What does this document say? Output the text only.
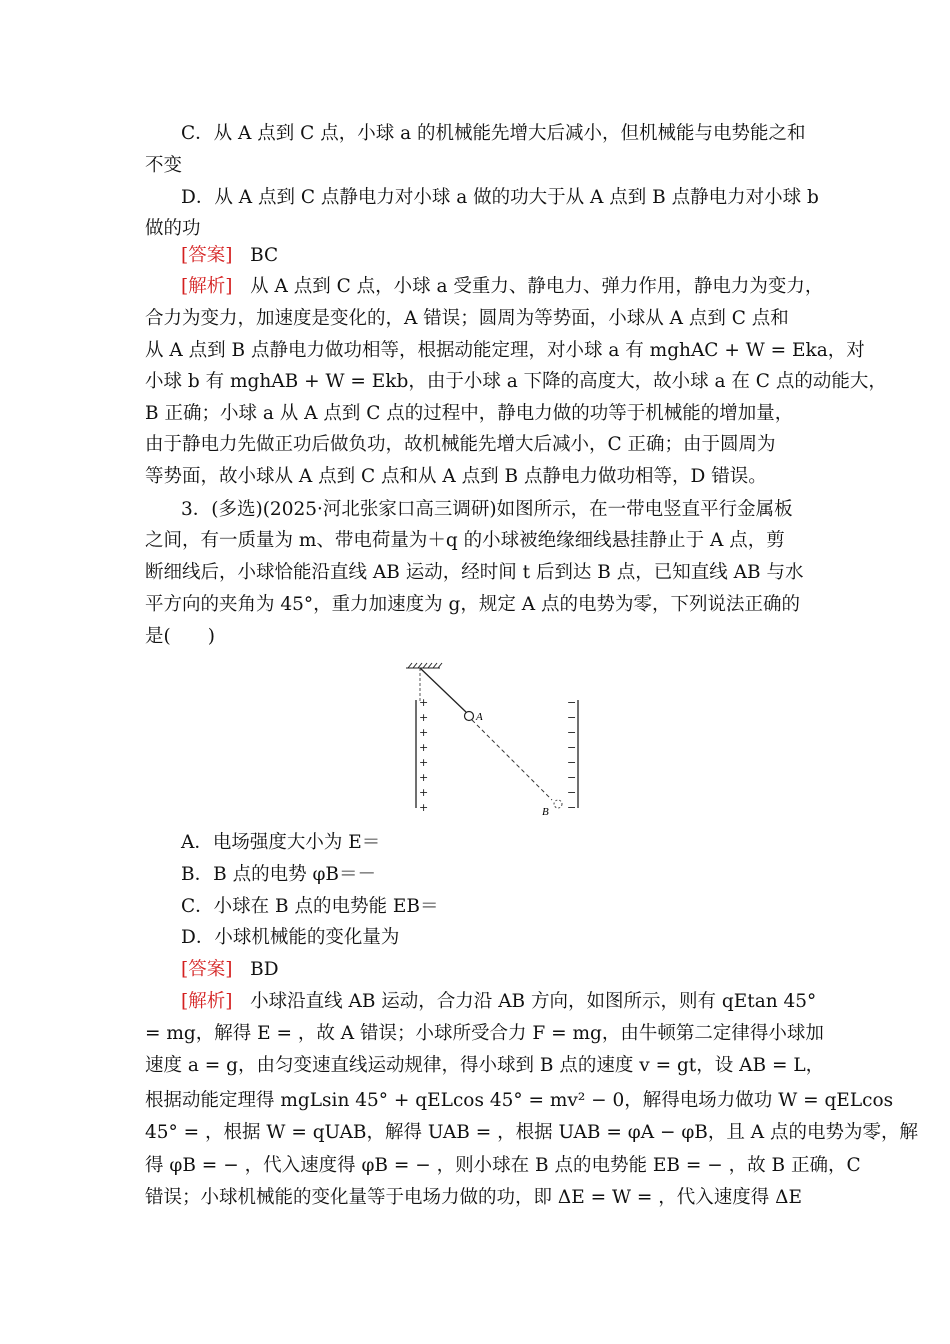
C．从 A 点到 C 点，小球 a 的机械能先增大后减小，但机械能与电势能之和
不变
D．从 A 点到 C 点静电力对小球 a 做的功大于从 A 点到 B 点静电力对小球 b
做的功
[答案] BC
[解析] 从 A 点到 C 点，小球 a 受重力、静电力、弹力作用，静电力为变力，
合力为变力，加速度是变化的，A 错误；圆周为等势面，小球从 A 点到 C 点和
从 A 点到 B 点静电力做功相等，根据动能定理，对小球 a 有 mghAC + W = Eka，对
小球 b 有 mghAB + W = Ekb，由于小球 a 下降的高度大，故小球 a 在 C 点的动能大，
B 正确；小球 a 从 A 点到 C 点的过程中，静电力做的功等于机械能的增加量，
由于静电力先做正功后做负功，故机械能先增大后减小，C 正确；由于圆周为
等势面，故小球从 A 点到 C 点和从 A 点到 B 点静电力做功相等，D 错误。
3．(多选)(2025·河北张家口高三调研)如图所示，在一带电竖直平行金属板
之间，有一质量为 m、带电荷量为＋q 的小球被绝缘细线悬挂静止于 A 点，剪
断细线后，小球恰能沿直线 AB 运动，经时间 t 后到达 B 点，已知直线 AB 与水
平方向的夹角为 45°，重力加速度为 g，规定 A 点的电势为零，下列说法正确的
是(　　)
A
B
+
+
+
+
+
+
+
+
−
−
−
−
−
−
−
−
A．电场强度大小为 E＝
B．B 点的电势 φB＝－
C．小球在 B 点的电势能 EB＝
D．小球机械能的变化量为
[答案] BD
[解析] 小球沿直线 AB 运动，合力沿 AB 方向，如图所示，则有 qEtan 45°
= mg，解得 E = ，故 A 错误；小球所受合力 F = mg，由牛顿第二定律得小球加
速度 a = g，由匀变速直线运动规律，得小球到 B 点的速度 v = gt，设 AB = L，
根据动能定理得 mgLsin 45° + qELcos 45° = mv² − 0，解得电场力做功 W = qELcos
45° = ，根据 W = qUAB，解得 UAB = ，根据 UAB = φA − φB，且 A 点的电势为零，解
得 φB = − ，代入速度得 φB = − ，则小球在 B 点的电势能 EB = − ，故 B 正确，C
错误；小球机械能的变化量等于电场力做的功，即 ΔE = W = ，代入速度得 ΔE
